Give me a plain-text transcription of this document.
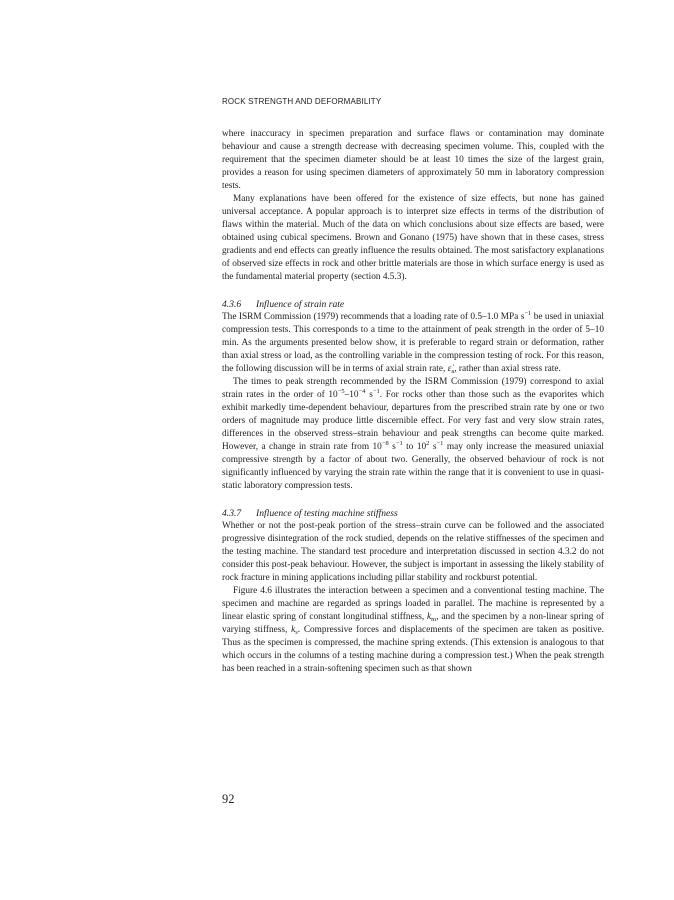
ROCK STRENGTH AND DEFORMABILITY

where inaccuracy in specimen preparation and surface flaws or contamination may dominate behaviour and cause a strength decrease with decreasing specimen volume. This, coupled with the requirement that the specimen diameter should be at least 10 times the size of the largest grain, provides a reason for using specimen diameters of approximately 50 mm in laboratory compression tests.

Many explanations have been offered for the existence of size effects, but none has gained universal acceptance. A popular approach is to interpret size effects in terms of the distribution of flaws within the material. Much of the data on which conclusions about size effects are based, were obtained using cubical specimens. Brown and Gonano (1975) have shown that in these cases, stress gradients and end effects can greatly influence the results obtained. The most satisfactory explanations of observed size effects in rock and other brittle materials are those in which surface energy is used as the fundamental material property (section 4.5.3).

4.3.6 Influence of strain rate

The ISRM Commission (1979) recommends that a loading rate of 0.5–1.0 MPa $s^{-1}$ be used in uniaxial compression tests. This corresponds to a time to the attainment of peak strength in the order of 5–10 min. As the arguments presented below show, it is preferable to regard strain or deformation, rather than axial stress or load, as the controlling variable in the compression testing of rock. For this reason, the following discussion will be in terms of axial strain rate, $\varepsiloṅ_a$, rather than axial stress rate.

The times to peak strength recommended by the ISRM Commission (1979) correspond to axial strain rates in the order of $10^{-5}-10^{-4}$ $s^{-1}$. For rocks other than those such as the evaporites which exhibit markedly time-dependent behaviour, departures from the prescribed strain rate by one or two orders of magnitude may produce little discernible effect. For very fast and very slow strain rates, differences in the observed stress–strain behaviour and peak strengths can become quite marked. However, a change in strain rate from $10^{-8}$ $s^{-1}$ to $10^2$ $s^{-1}$ may only increase the measured uniaxial compressive strength by a factor of about two. Generally, the observed behaviour of rock is not significantly influenced by varying the strain rate within the range that it is convenient to use in quasi-static laboratory compression tests.

4.3.7 Influence of testing machine stiffness

Whether or not the post-peak portion of the stress–strain curve can be followed and the associated progressive disintegration of the rock studied, depends on the relative stiffnesses of the specimen and the testing machine. The standard test procedure and interpretation discussed in section 4.3.2 do not consider this post-peak behaviour. However, the subject is important in assessing the likely stability of rock fracture in mining applications including pillar stability and rockburst potential.

Figure 4.6 illustrates the interaction between a specimen and a conventional testing machine. The specimen and machine are regarded as springs loaded in parallel. The machine is represented by a linear elastic spring of constant longitudinal stiffness, $k_m$, and the specimen by a non-linear spring of varying stiffness, $k_s$. Compressive forces and displacements of the specimen are taken as positive. Thus as the specimen is compressed, the machine spring extends. (This extension is analogous to that which occurs in the columns of a testing machine during a compression test.) When the peak strength has been reached in a strain-softening specimen such as that shown

92
